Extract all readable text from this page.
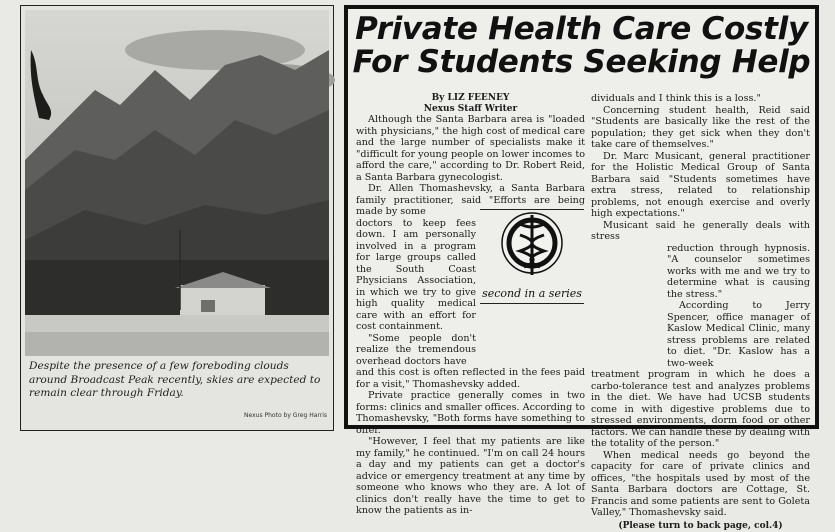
Despite the presence of a few foreboding clouds around Broadcast Peak recently, skies are expected to remain clear through Friday.
Nexus Photo by Greg Harris
Private Health Care Costly
For Students Seeking Help
By LIZ FEENEY
Nexus Staff Writer

Although the Santa Barbara area is "loaded with physicians," the high cost of medical care and the large number of specialists make it "difficult for young people on lower incomes to afford the care," according to Dr. Robert Reid, a Santa Barbara gynecologist.

Dr. Allen Thomashevsky, a Santa Barbara family practitioner, said "Efforts are being made by some

doctors to keep fees down. I am personally involved in a program for large groups called the South Coast Physicians Association, in which we try to give high quality medical care with an effort for cost containment.

"Some people don't realize the tremendous overhead doctors have

and this cost is often reflected in the fees paid for a visit," Thomashevsky added.

Private practice generally comes in two forms: clinics and smaller offices. According to Thomashevsky, "Both forms have something to offer.

"However, I feel that my patients are like my family," he continued. "I'm on call 24 hours a day and my patients can get a doctor's advice or emergency treatment at any time by someone who knows who they are. A lot of clinics don't really have the time to get to know the patients as in-

dividuals and I think this is a loss."

Concerning student health, Reid said "Students are basically like the rest of the population; they get sick when they don't take care of themselves."

Dr. Marc Musicant, general practitioner for the Holistic Medical Group of Santa Barbara said "Students sometimes have extra stress, related to relationship problems, not enough exercise and overly high expectations."

Musicant said he generally deals with stress

reduction through hypnosis. "A counselor sometimes works with me and we try to determine what is causing the stress."

According to Jerry Spencer, office manager of Kaslow Medical Clinic, many stress problems are related to diet. "Dr. Kaslow has a two-week

treatment program in which he does a carbo-tolerance test and analyzes problems in the diet. We have had UCSB students come in with digestive problems due to stressed environments, dorm food or other factors. We can handle these by dealing with the totality of the person."

When medical needs go beyond the capacity for care of private clinics and offices, "the hospitals used by most of the Santa Barbara doctors are Cottage, St. Francis and some patients are sent to Goleta Valley," Thomashevsky said.

(Please turn to back page, col.4)
second in a series
